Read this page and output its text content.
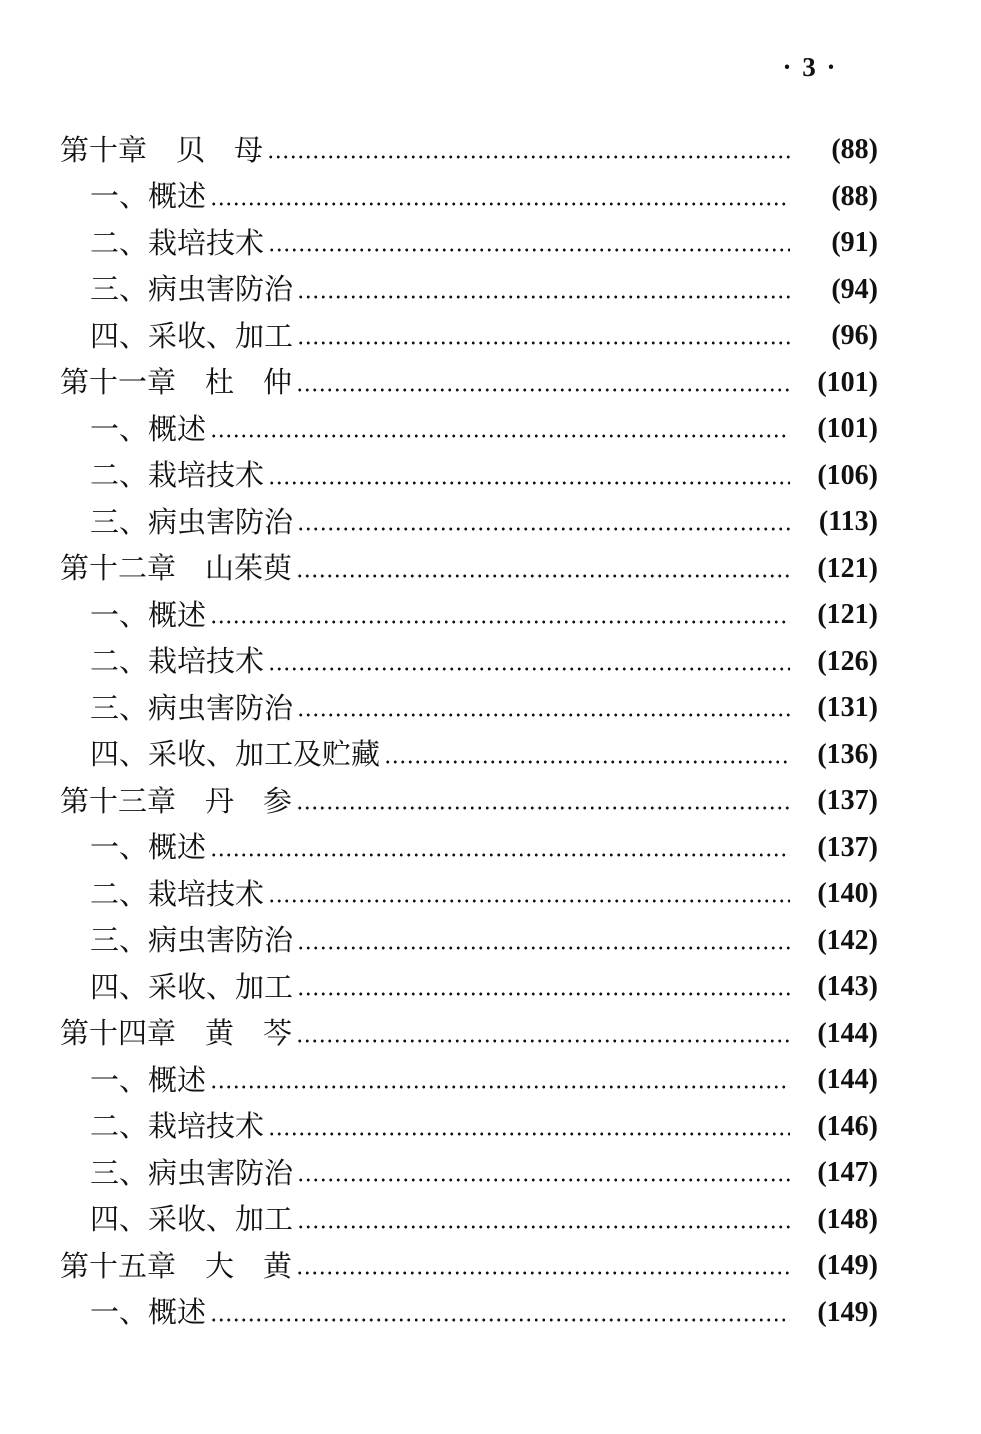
· 3 ·
第十章　贝　母	(88)
一、概述	(88)
二、栽培技术	(91)
三、病虫害防治	(94)
四、采收、加工	(96)
第十一章　杜　仲	(101)
一、概述	(101)
二、栽培技术	(106)
三、病虫害防治	(113)
第十二章　山茱萸	(121)
一、概述	(121)
二、栽培技术	(126)
三、病虫害防治	(131)
四、采收、加工及贮藏	(136)
第十三章　丹　参	(137)
一、概述	(137)
二、栽培技术	(140)
三、病虫害防治	(142)
四、采收、加工	(143)
第十四章　黄　芩	(144)
一、概述	(144)
二、栽培技术	(146)
三、病虫害防治	(147)
四、采收、加工	(148)
第十五章　大　黄	(149)
一、概述	(149)
